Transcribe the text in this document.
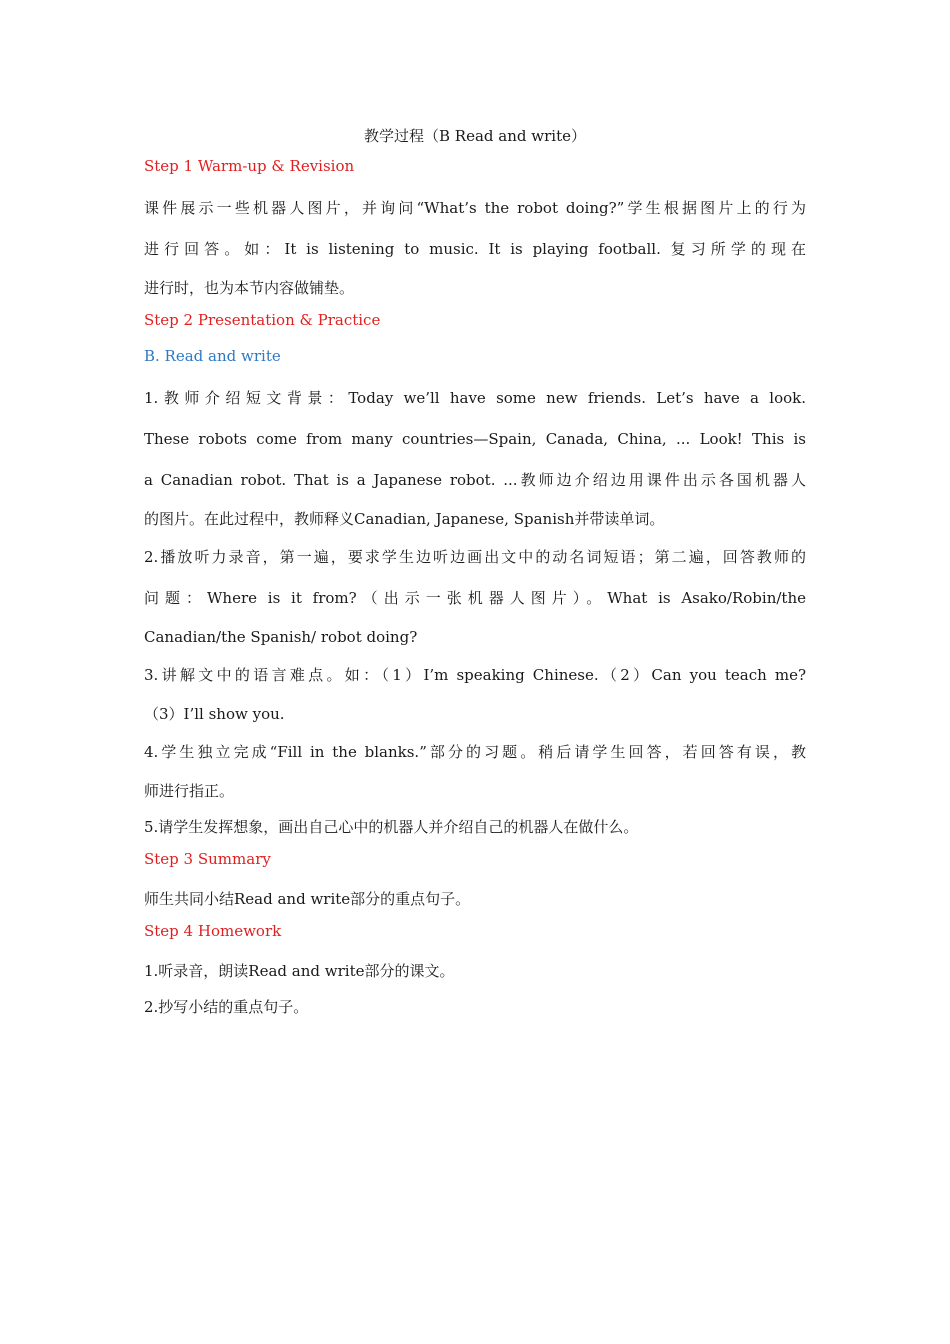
教学过程（B Read and write）
Step 1 Warm-up & Revision
课件展示一些机器人图片，并询问“What’s the robot doing?”学生根据图片上的行为
进行回答。如：It is listening to music. It is playing football. 复习所学的现在
进行时，也为本节内容做铺垫。
Step 2 Presentation & Practice
B. Read and write
1.教师介绍短文背景：Today we’ll have some new friends. Let’s have a look.
These robots come from many countries—Spain, Canada, China, ... Look! This is
a Canadian robot. That is a Japanese robot. ...教师边介绍边用课件出示各国机器人
的图片。在此过程中，教师释义Canadian, Japanese, Spanish并带读单词。
2.播放听力录音，第一遍，要求学生边听边画出文中的动名词短语；第二遍，回答教师的
问题：Where is it from?（出示一张机器人图片）。What is Asako/Robin/the
Canadian/the Spanish/ robot doing?
3.讲解文中的语言难点。如：（1）I’m speaking Chinese.（2）Can you teach me?
（3）I’ll show you.
4.学生独立完成“Fill in the blanks.”部分的习题。稍后请学生回答，若回答有误，教
师进行指正。
5.请学生发挥想象，画出自己心中的机器人并介绍自己的机器人在做什么。
Step 3 Summary
师生共同小结Read and write部分的重点句子。
Step 4 Homework
1.听录音，朗读Read and write部分的课文。
2.抄写小结的重点句子。
